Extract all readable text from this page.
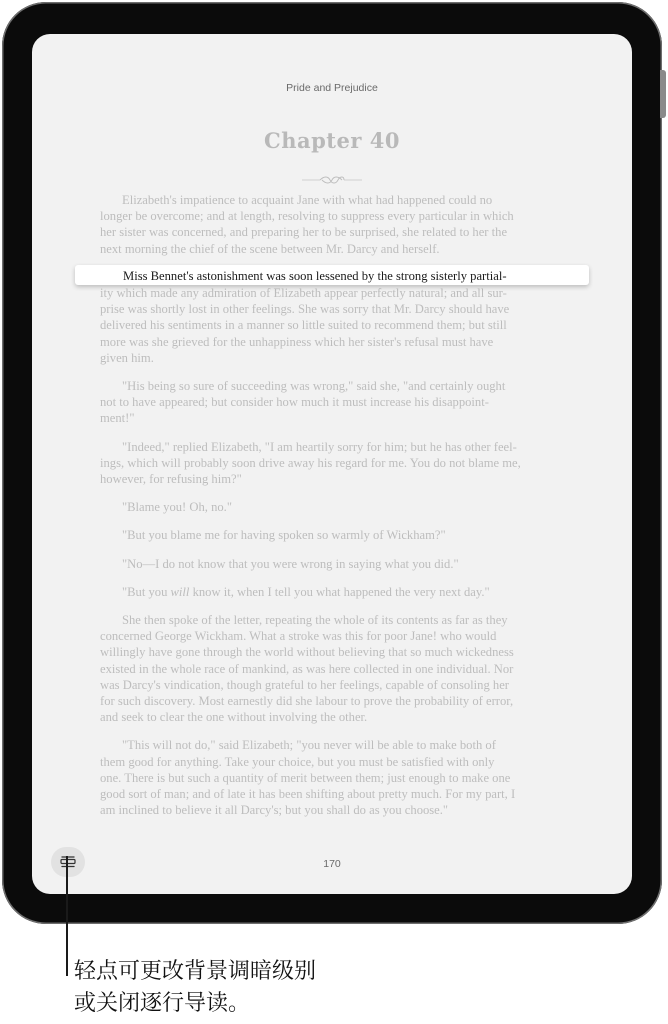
Pride and Prejudice
Chapter 40
Elizabeth's impatience to acquaint Jane with what had happened could no
longer be overcome; and at length, resolving to suppress every particular in which
her sister was concerned, and preparing her to be surprised, she related to her the
next morning the chief of the scene between Mr. Darcy and herself.
ity which made any admiration of Elizabeth appear perfectly natural; and all sur-
prise was shortly lost in other feelings. She was sorry that Mr. Darcy should have
delivered his sentiments in a manner so little suited to recommend them; but still
more was she grieved for the unhappiness which her sister's refusal must have
given him.
"His being so sure of succeeding was wrong," said she, "and certainly ought
not to have appeared; but consider how much it must increase his disappoint-
ment!"
"Indeed," replied Elizabeth, "I am heartily sorry for him; but he has other feel-
ings, which will probably soon drive away his regard for me. You do not blame me,
however, for refusing him?"
"Blame you! Oh, no."
"But you blame me for having spoken so warmly of Wickham?"
"No—I do not know that you were wrong in saying what you did."
"But you will know it, when I tell you what happened the very next day."
She then spoke of the letter, repeating the whole of its contents as far as they
concerned George Wickham. What a stroke was this for poor Jane! who would
willingly have gone through the world without believing that so much wickedness
existed in the whole race of mankind, as was here collected in one individual. Nor
was Darcy's vindication, though grateful to her feelings, capable of consoling her
for such discovery. Most earnestly did she labour to prove the probability of error,
and seek to clear the one without involving the other.
"This will not do," said Elizabeth; "you never will be able to make both of
them good for anything. Take your choice, but you must be satisfied with only
one. There is but such a quantity of merit between them; just enough to make one
good sort of man; and of late it has been shifting about pretty much. For my part, I
am inclined to believe it all Darcy's; but you shall do as you choose."
Miss Bennet's astonishment was soon lessened by the strong sisterly partial-
170
轻点可更改背景调暗级别
或关闭逐行导读。
